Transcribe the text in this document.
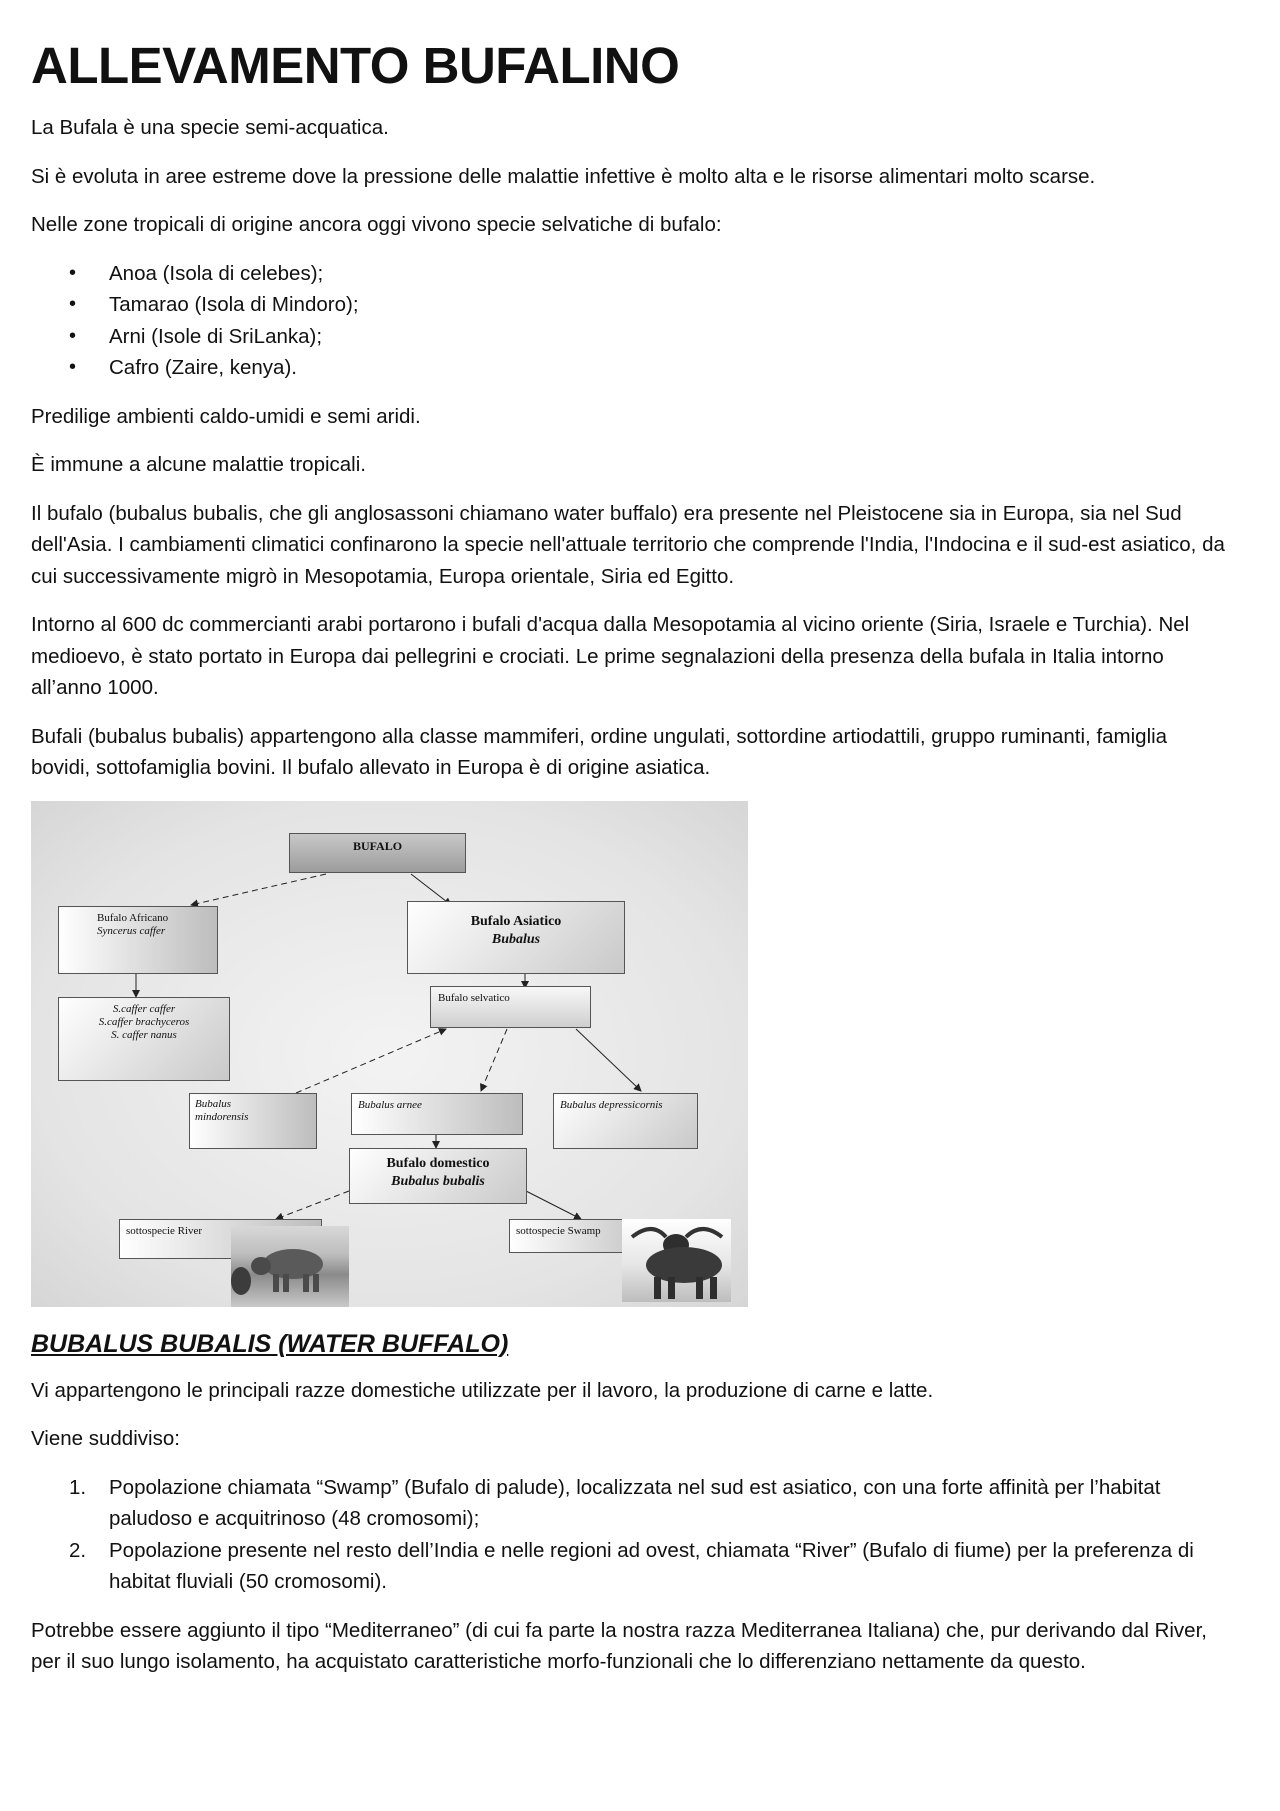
ALLEVAMENTO BUFALINO

La Bufala è una specie semi-acquatica.

Si è evoluta in aree estreme dove la pressione delle malattie infettive è molto alta e le risorse alimentari molto scarse.

Nelle zone tropicali di origine ancora oggi vivono specie selvatiche di bufalo:

• Anoa (Isola di celebes);
• Tamarao (Isola di Mindoro);
• Arni (Isole di SriLanka);
• Cafro (Zaire, kenya).

Predilige ambienti caldo-umidi e semi aridi.

È immune a alcune malattie tropicali.

Il bufalo (bubalus bubalis, che gli anglosassoni chiamano water buffalo) era presente nel Pleistocene sia in Europa, sia nel Sud dell'Asia. I cambiamenti climatici confinarono la specie nell'attuale territorio che comprende l'India, l'Indocina e il sud-est asiatico, da cui successivamente migrò in Mesopotamia, Europa orientale, Siria ed Egitto.

Intorno al 600 dc commercianti arabi portarono i bufali d'acqua dalla Mesopotamia al vicino oriente (Siria, Israele e Turchia). Nel medioevo, è stato portato in Europa dai pellegrini e crociati. Le prime segnalazioni della presenza della bufala in Italia intorno all’anno 1000.

Bufali (bubalus bubalis) appartengono alla classe mammiferi, ordine ungulati, sottordine artiodattili, gruppo ruminanti, famiglia bovidi, sottofamiglia bovini. Il bufalo allevato in Europa è di origine asiatica.

BUFALO
Bufalo Africano
Syncerus caffer
Bufalo Asiatico
Bubalus
S.caffer caffer
S.caffer brachyceros
S. caffer nanus
Bufalo selvatico
Bubalus
mindorensis
Bubalus arnee	Bubalus depressicornis
Bufalo domestico
Bubalus bubalis
sottospecie River	sottospecie Swamp
BUBALUS BUBALIS (WATER BUFFALO)

Vi appartengono le principali razze domestiche utilizzate per il lavoro, la produzione di carne e latte.

Viene suddiviso:

1. Popolazione chiamata “Swamp” (Bufalo di palude), localizzata nel sud est asiatico, con una forte affinità per l’habitat paludoso e acquitrinoso (48 cromosomi);
2. Popolazione presente nel resto dell’India e nelle regioni ad ovest, chiamata “River” (Bufalo di fiume) per la preferenza di habitat fluviali (50 cromosomi).

Potrebbe essere aggiunto il tipo “Mediterraneo” (di cui fa parte la nostra razza Mediterranea Italiana) che, pur derivando dal River, per il suo lungo isolamento, ha acquistato caratteristiche morfo-funzionali che lo differenziano nettamente da questo.
